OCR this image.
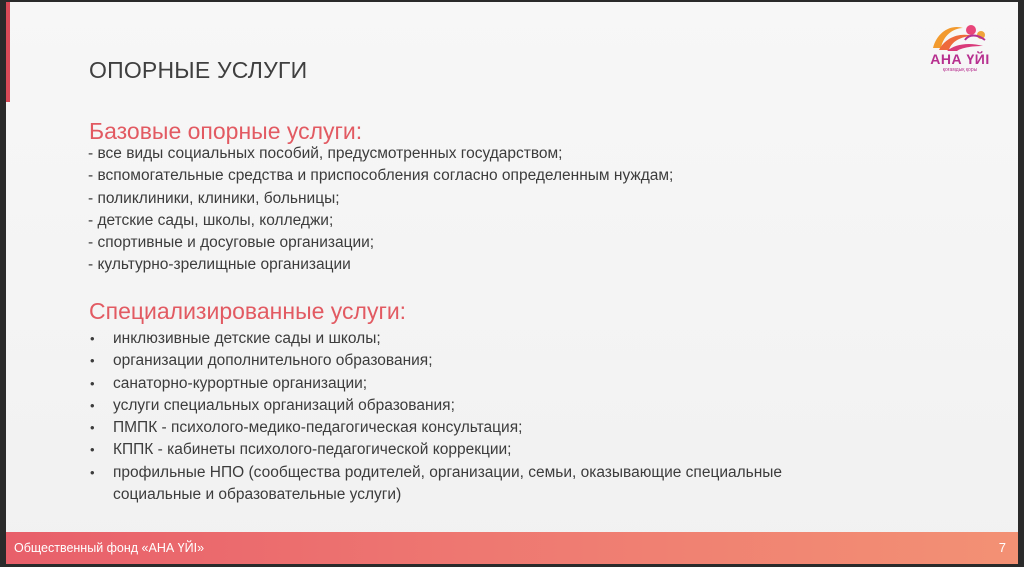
ОПОРНЫЕ УСЛУГИ	АНА ҮЙІ
қоғамдық қоры
Базовые опорные услуги:
- все виды социальных пособий, предусмотренных государством;
- вспомогательные средства и приспособления согласно определенным нуждам;
- поликлиники, клиники, больницы;
- детские сады, школы, колледжи;
- спортивные и досуговые организации;
- культурно-зрелищные организации
Специализированные услуги:
• инклюзивные детские сады и школы;
• организации дополнительного образования;
• санаторно-курортные организации;
• услуги специальных организаций образования;
• ПМПК - психолого-медико-педагогическая консультация;
• КППК - кабинеты психолого-педагогической коррекции;
• профильные НПО (сообщества родителей, организации, семьи, оказывающие специальные социальные и образовательные услуги)
Общественный фонд «АНА ҮЙІ»	7
